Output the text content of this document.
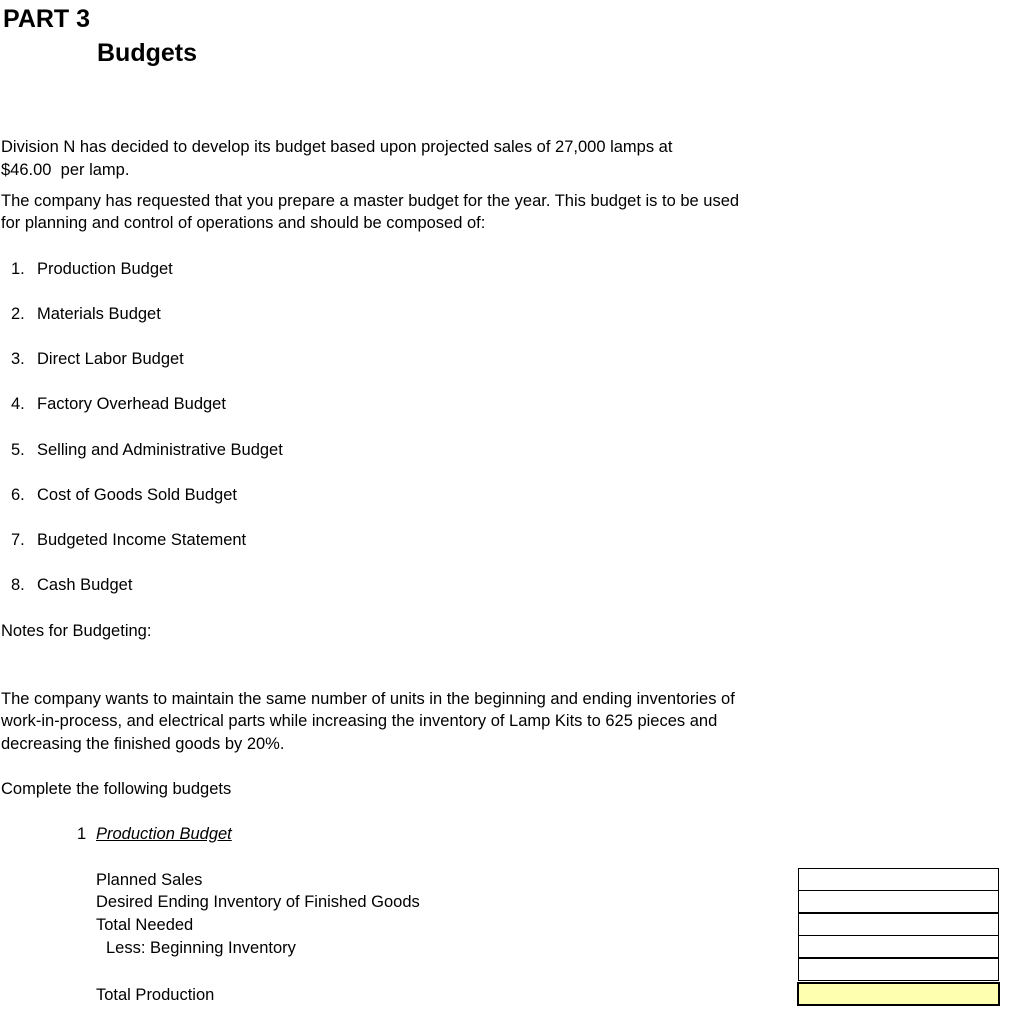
PART 3
Budgets
Division N has decided to develop its budget based upon projected sales of 27,000 lamps at
$46.00 per lamp.
The company has requested that you prepare a master budget for the year. This budget is to be used
for planning and control of operations and should be composed of:
1. Production Budget
2. Materials Budget
3. Direct Labor Budget
4. Factory Overhead Budget
5. Selling and Administrative Budget
6. Cost of Goods Sold Budget
7. Budgeted Income Statement
8. Cash Budget
Notes for Budgeting:
The company wants to maintain the same number of units in the beginning and ending inventories of
work-in-process, and electrical parts while increasing the inventory of Lamp Kits to 625 pieces and
decreasing the finished goods by 20%.
Complete the following budgets
1 Production Budget
Planned Sales
Desired Ending Inventory of Finished Goods
Total Needed
Less: Beginning Inventory
Total Production
